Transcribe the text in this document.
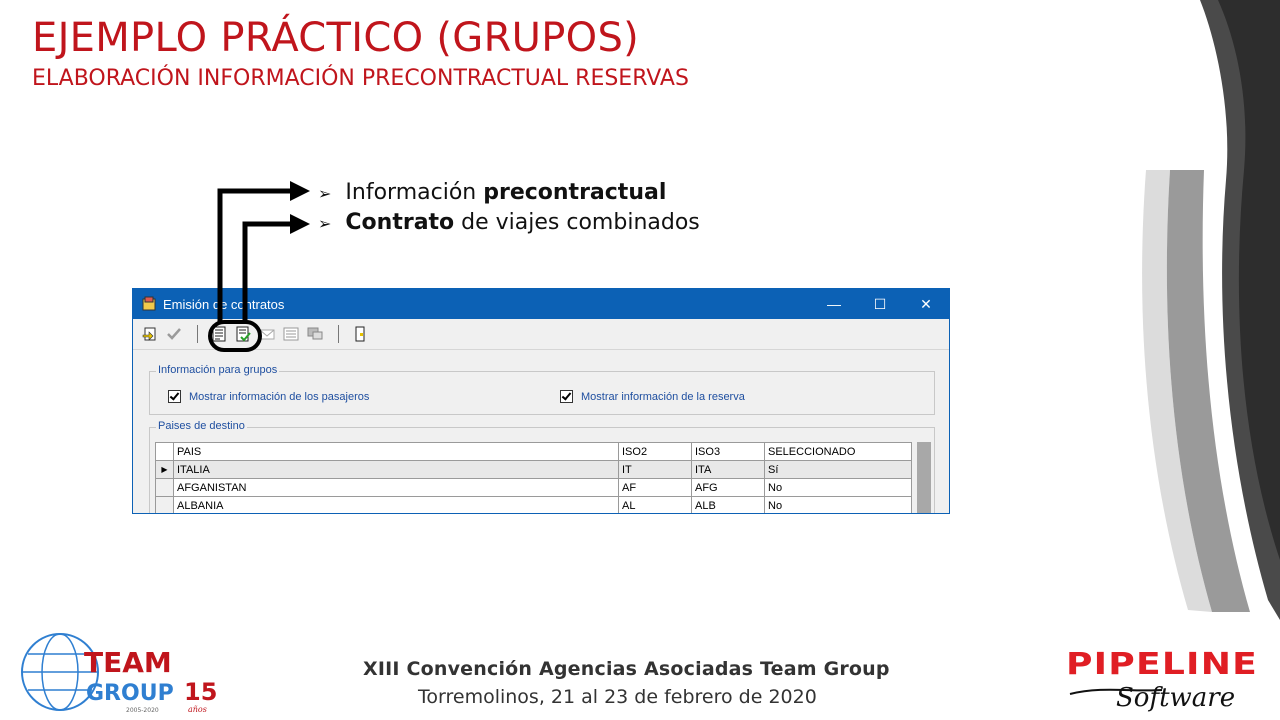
EJEMPLO PRÁCTICO (GRUPOS)
ELABORACIÓN INFORMACIÓN PRECONTRACTUAL RESERVAS
➢ Información precontractual
➢ Contrato de viajes combinados
Emisión de contratos	—	☐	✕
Información para grupos
Mostrar información de los pasajeros	Mostrar información de la reserva
Paises de destino
	PAIS	ISO2	ISO3	SELECCIONADO
▶	ITALIA	IT	ITA	Sí
	AFGANISTAN	AF	AFG	No
	ALBANIA	AL	ALB	No
XIII Convención Agencias Asociadas Team Group
Torremolinos, 21 al 23 de febrero de 2020
TEAM
GROUP 15
años
2005-2020
PIPELINE
Software
